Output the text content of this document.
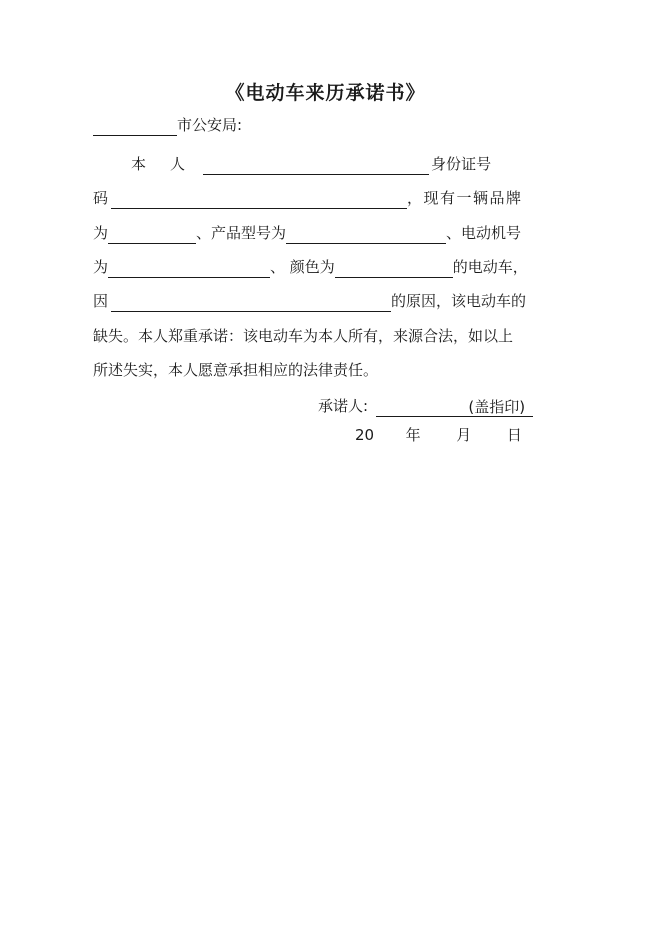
《电动车来历承诺书》
市公安局:
本 人	身 份 证 号
码	，现有一辆品牌
为	、产品型号为	、电动机号
为	、 颜色为	的电动车，
因	的原因，该电动车的
缺失。本人郑重承诺：该电动车为本人所有，来源合法，如以上
所述失实，本人愿意承担相应的法律责任。
承诺人:	(盖指印)
20 年 月 日
